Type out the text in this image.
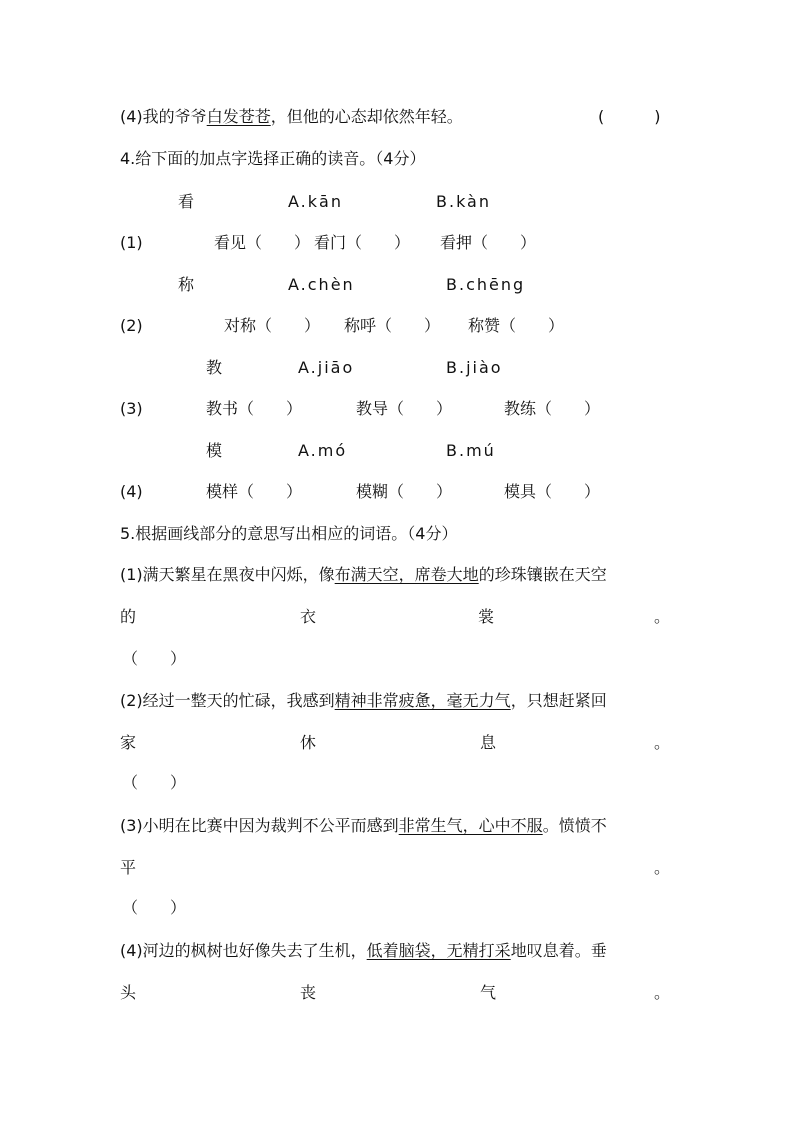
(4)我的爷爷白发苍苍，但他的心态却依然年轻。	(　　)
4.给下面的加点字选择正确的读音。（4分）
看	A.kān	B.kàn
(1)	看见（　　） 看门（　　） 看押（　　）
称	A.chèn	B.chēng
(2)	对称（　　） 称呼（　　） 称赞（　　）
教	A.jiāo	B.jiào
(3)	教书（　　）	教导（　　）	教练（　　）
模	A.mó	B.mú
(4)	模样（　　）	模糊（　　）	模具（　　）
5.根据画线部分的意思写出相应的词语。（4分）
(1)满天繁星在黑夜中闪烁，像布满天空，席卷大地的珍珠镶嵌在天空
的	衣	裳	。
（　　）
(2)经过一整天的忙碌，我感到精神非常疲惫，毫无力气，只想赶紧回
家	休	息	。
（　　）
(3)小明在比赛中因为裁判不公平而感到非常生气，心中不服。愤愤不
平	。
（　　）
(4)河边的枫树也好像失去了生机，低着脑袋，无精打采地叹息着。垂
头	丧	气	。
